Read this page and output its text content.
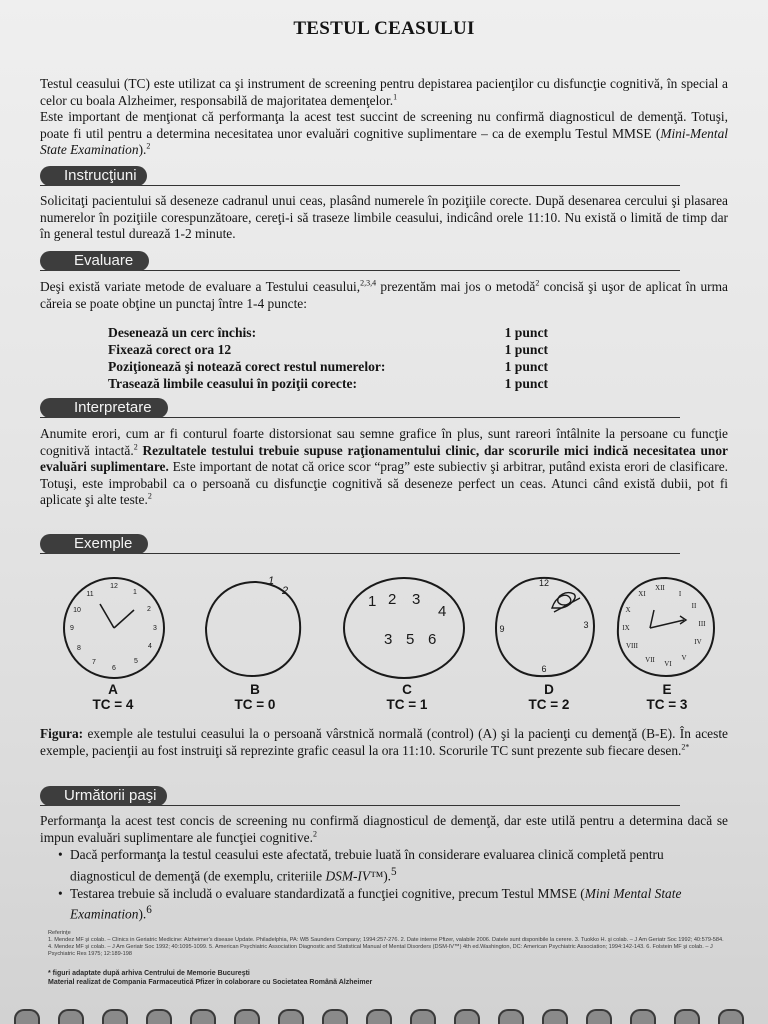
TESTUL CEASULUI

Testul ceasului (TC) este utilizat ca şi instrument de screening pentru depistarea pacienţilor cu disfuncţie cognitivă, în special a celor cu boala Alzheimer, responsabilă de majoritatea demenţelor.$^1$
Este important de menţionat că performanţa la acest test succint de screening nu confirmă diagnosticul de demenţă. Totuşi, poate fi util pentru a determina necesitatea unor evaluări cognitive suplimentare – ca de exemplu Testul MMSE (Mini-Mental State Examination).$^2$

Instrucţiuni

Solicitaţi pacientului să deseneze cadranul unui ceas, plasând numerele în poziţiile corecte. După desenarea cercului şi plasarea numerelor în poziţiile corespunzătoare, cereţi-i să traseze limbile ceasului, indicând orele 11:10. Nu există o limită de timp dar în general testul durează 1-2 minute.

Evaluare

Deşi există variate metode de evaluare a Testului ceasului,$^{2,3,4}$ prezentăm mai jos o metodă$^2$ concisă şi uşor de aplicat în urma căreia se poate obţine un punctaj între 1-4 puncte:

Desenează un cerc închis:	1 punct
Fixează corect ora 12	1 punct
Poziţionează şi notează corect restul numerelor:	1 punct
Trasează limbile ceasului în poziţii corecte:	1 punct
Interpretare

Anumite erori, cum ar fi conturul foarte distorsionat sau semne grafice în plus, sunt rareori întâlnite la persoane cu funcţie cognitivă intactă.$^2$ Rezultatele testului trebuie supuse raţionamentului clinic, dar scorurile mici indică necesitatea unor evaluări suplimentare. Este important de notat că orice scor “prag” este subiectiv şi arbitrar, putând exista erori de clasificare. Totuşi, este improbabil ca o persoană cu disfuncţie cognitivă să deseneze perfect un ceas. Atunci când există dubii, pot fi aplicate şi alte teste.$^2$

Exemple
12
1
2
3
4
5
6
7
8
9
10
11
1
2
1 2 3
4
3 5 6
12
3
9
6
XII
I
II
III
IV
V
VI
VII
VIII
IX
X
XI
A
TC = 4
B
TC = 0
C
TC = 1
D
TC = 2
E
TC = 3

Figura: exemple ale testului ceasului la o persoană vârstnică normală (control) (A) şi la pacienţi cu demenţă (B-E). În aceste exemple, pacienţii au fost instruiţi să reprezinte grafic ceasul la ora 11:10. Scorurile TC sunt prezente sub fiecare desen.$^{2*}$

Următorii paşi

Performanţa la acest test concis de screening nu confirmă diagnosticul de demenţă, dar este utilă pentru a determina dacă se impun evaluări suplimentare ale funcţiei cognitive.$^2$

• Dacă performanţa la testul ceasului este afectată, trebuie luată în considerare evaluarea clinică completă pentru diagnosticul de demenţă (de exemplu, criteriile DSM-IV™).$^5$
• Testarea trebuie să includă o evaluare standardizată a funcţiei cognitive, precum Testul MMSE (Mini Mental State Examination).$^6$
Referinţe
1. Mendez MF şi colab. – Clinics in Geriatric Medicine: Alzheimer's disease Update. Philadelphia, PA: WB Saunders Company; 1994:257-276. 2. Date interne Pfizer, valabile 2006. Datele sunt disponibile la cerere. 3. Tuokko H. şi colab. – J Am Geriatr Soc 1992; 40:579-584. 4. Mendez MF şi colab. – J Am Geriatr Soc 1992; 40:1095-1099. 5. American Psychiatric Association Diagnostic and Statistical Manual of Mental Disorders (DSM-IV™) 4th ed.Washington, DC: American Psychiatric Association; 1994:142-143. 6. Folstein MF şi colab. – J Psychiatric Res 1975; 12:189-198
* figuri adaptate după arhiva Centrului de Memorie Bucureşti
Material realizat de Compania Farmaceutică Pfizer în colaborare cu Societatea Română Alzheimer
